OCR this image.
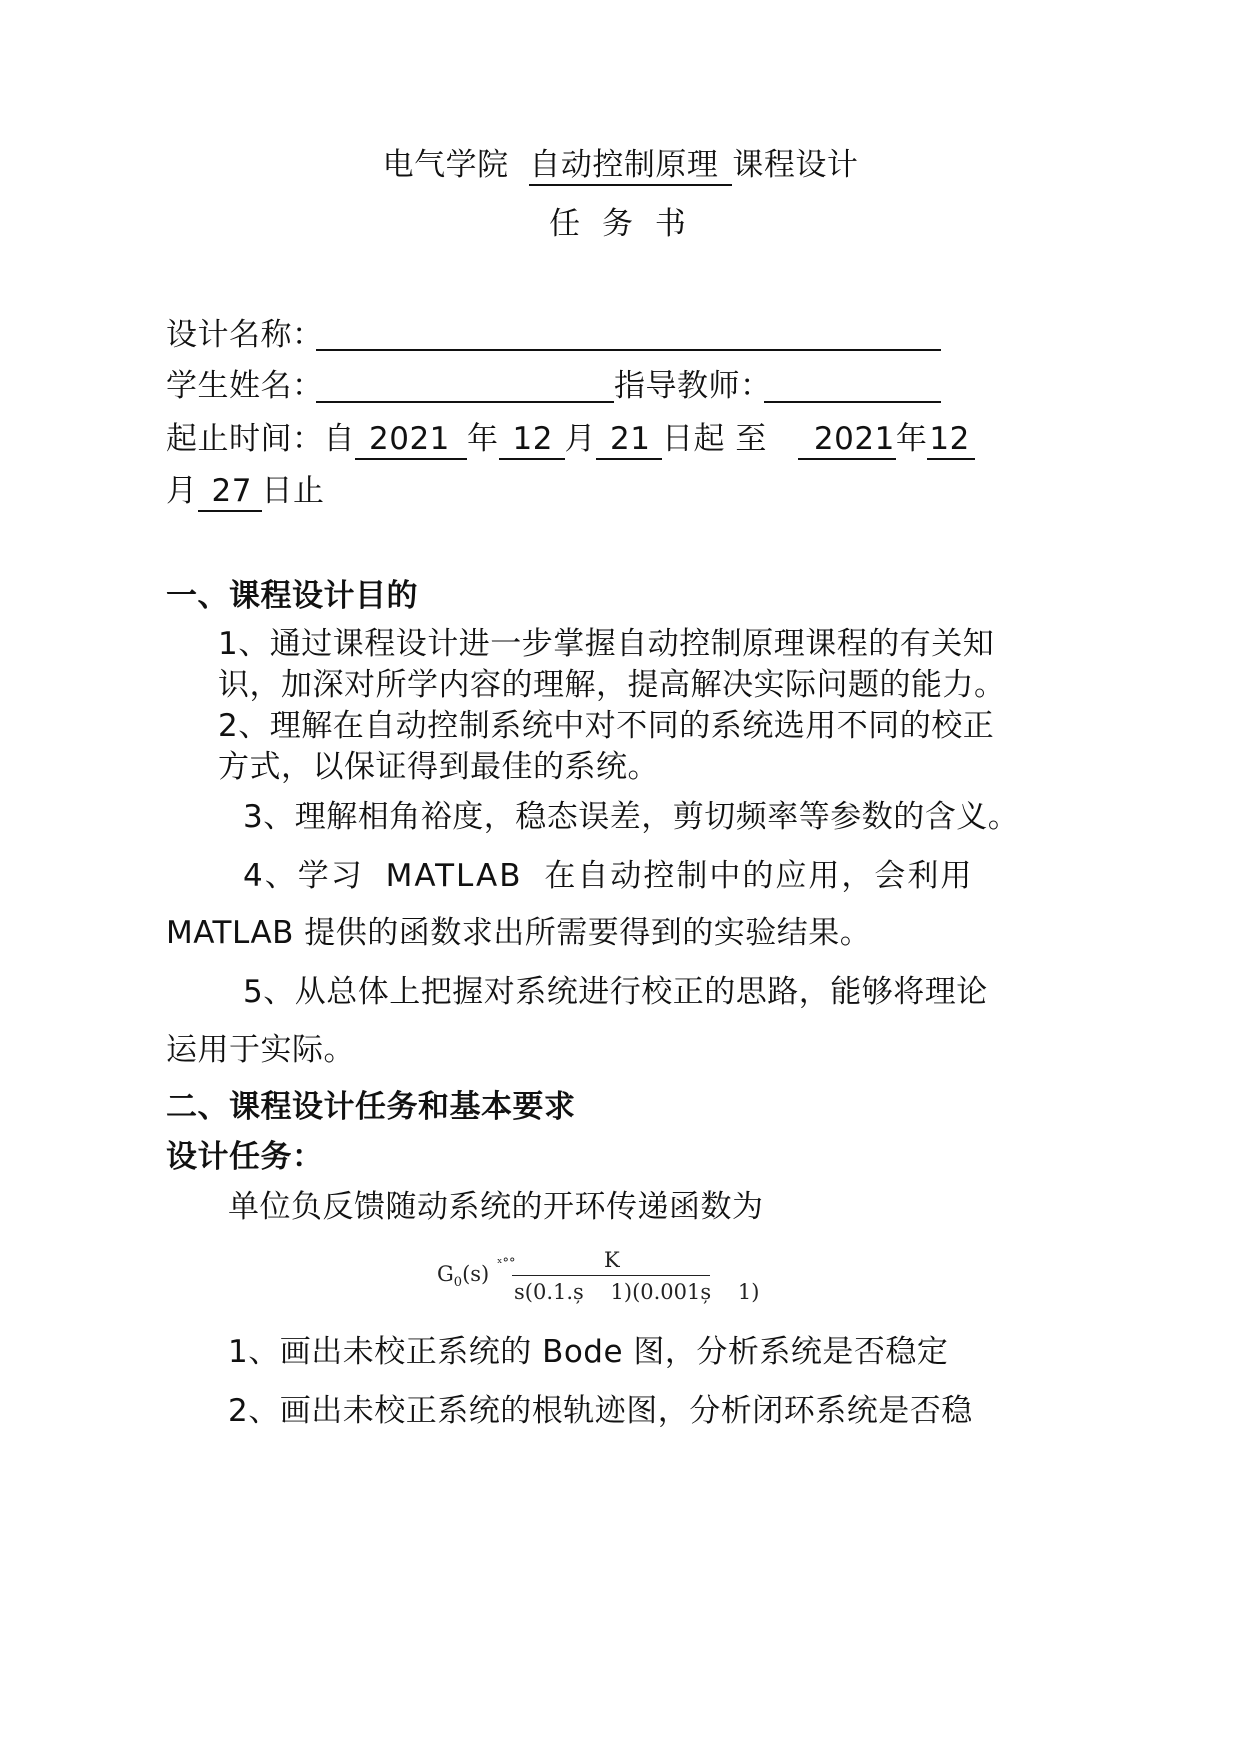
电气学院 自动控制原理 课程设计
任 务 书
设计名称：
学生姓名：	指导教师：
起止时间：自 2021 年 12 月 21 日起 至 2021年12
月 27 日止
一、课程设计目的
1、通过课程设计进一步掌握自动控制原理课程的有关知
识，加深对所学内容的理解，提高解决实际问题的能力。
2、理解在自动控制系统中对不同的系统选用不同的校正
方式，以保证得到最佳的系统。
3、理解相角裕度，稳态误差，剪切频率等参数的含义。
4、学习 MATLAB 在自动控制中的应用，会利用
MATLAB 提供的函数求出所需要得到的实验结果。
5、从总体上把握对系统进行校正的思路，能够将理论
运用于实际。
二、课程设计任务和基本要求
设计任务：
单位负反馈随动系统的开环传递函数为
$G_0(s)$ ˣ°°	K
s(0.1.ș    1)(0.001ș    1)
1、画出未校正系统的 Bode 图，分析系统是否稳定
2、画出未校正系统的根轨迹图，分析闭环系统是否稳
